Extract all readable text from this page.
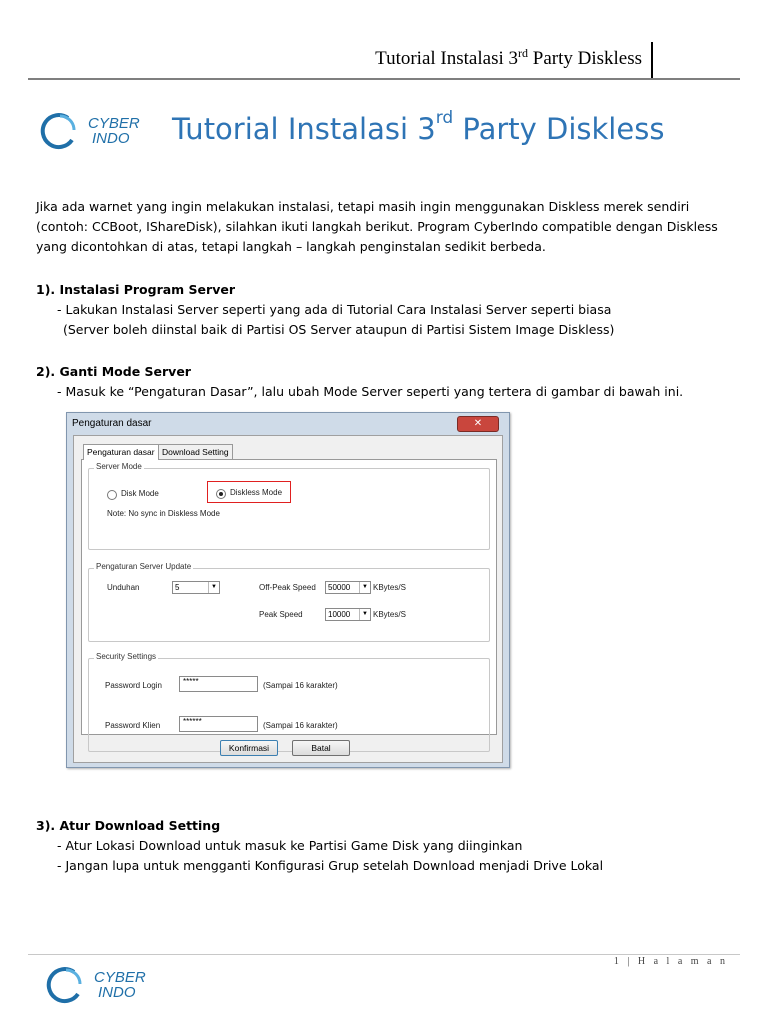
Tutorial Instalasi 3rd Party Diskless
CYBER
INDO Tutorial Instalasi 3rd Party Diskless
Jika ada warnet yang ingin melakukan instalasi, tetapi masih ingin menggunakan Diskless merek sendiri
(contoh: CCBoot, IShareDisk), silahkan ikuti langkah berikut. Program CyberIndo compatible dengan Diskless
yang dicontohkan di atas, tetapi langkah – langkah penginstalan sedikit berbeda.
1). Instalasi Program Server
- Lakukan Instalasi Server seperti yang ada di Tutorial Cara Instalasi Server seperti biasa
(Server boleh diinstal baik di Partisi OS Server ataupun di Partisi Sistem Image Diskless)
2). Ganti Mode Server
- Masuk ke “Pengaturan Dasar”, lalu ubah Mode Server seperti yang tertera di gambar di bawah ini.
Pengaturan dasar	✕
Pengaturan dasar Download Setting
Server Mode
Disk Mode	Diskless Mode
Note: No sync in Diskless Mode
Pengaturan Server Update
Unduhan	5	▼	Off-Peak Speed	50000	▼ KBytes/S
Peak Speed	10000	▼ KBytes/S
Security Settings
Password Login	*****	(Sampai 16 karakter)
Password Klien	******	(Sampai 16 karakter)
Konfirmasi	Batal
3). Atur Download Setting
- Atur Lokasi Download untuk masuk ke Partisi Game Disk yang diinginkan
- Jangan lupa untuk mengganti Konfigurasi Grup setelah Download menjadi Drive Lokal
1 | H a l a m a n
CYBER
INDO
